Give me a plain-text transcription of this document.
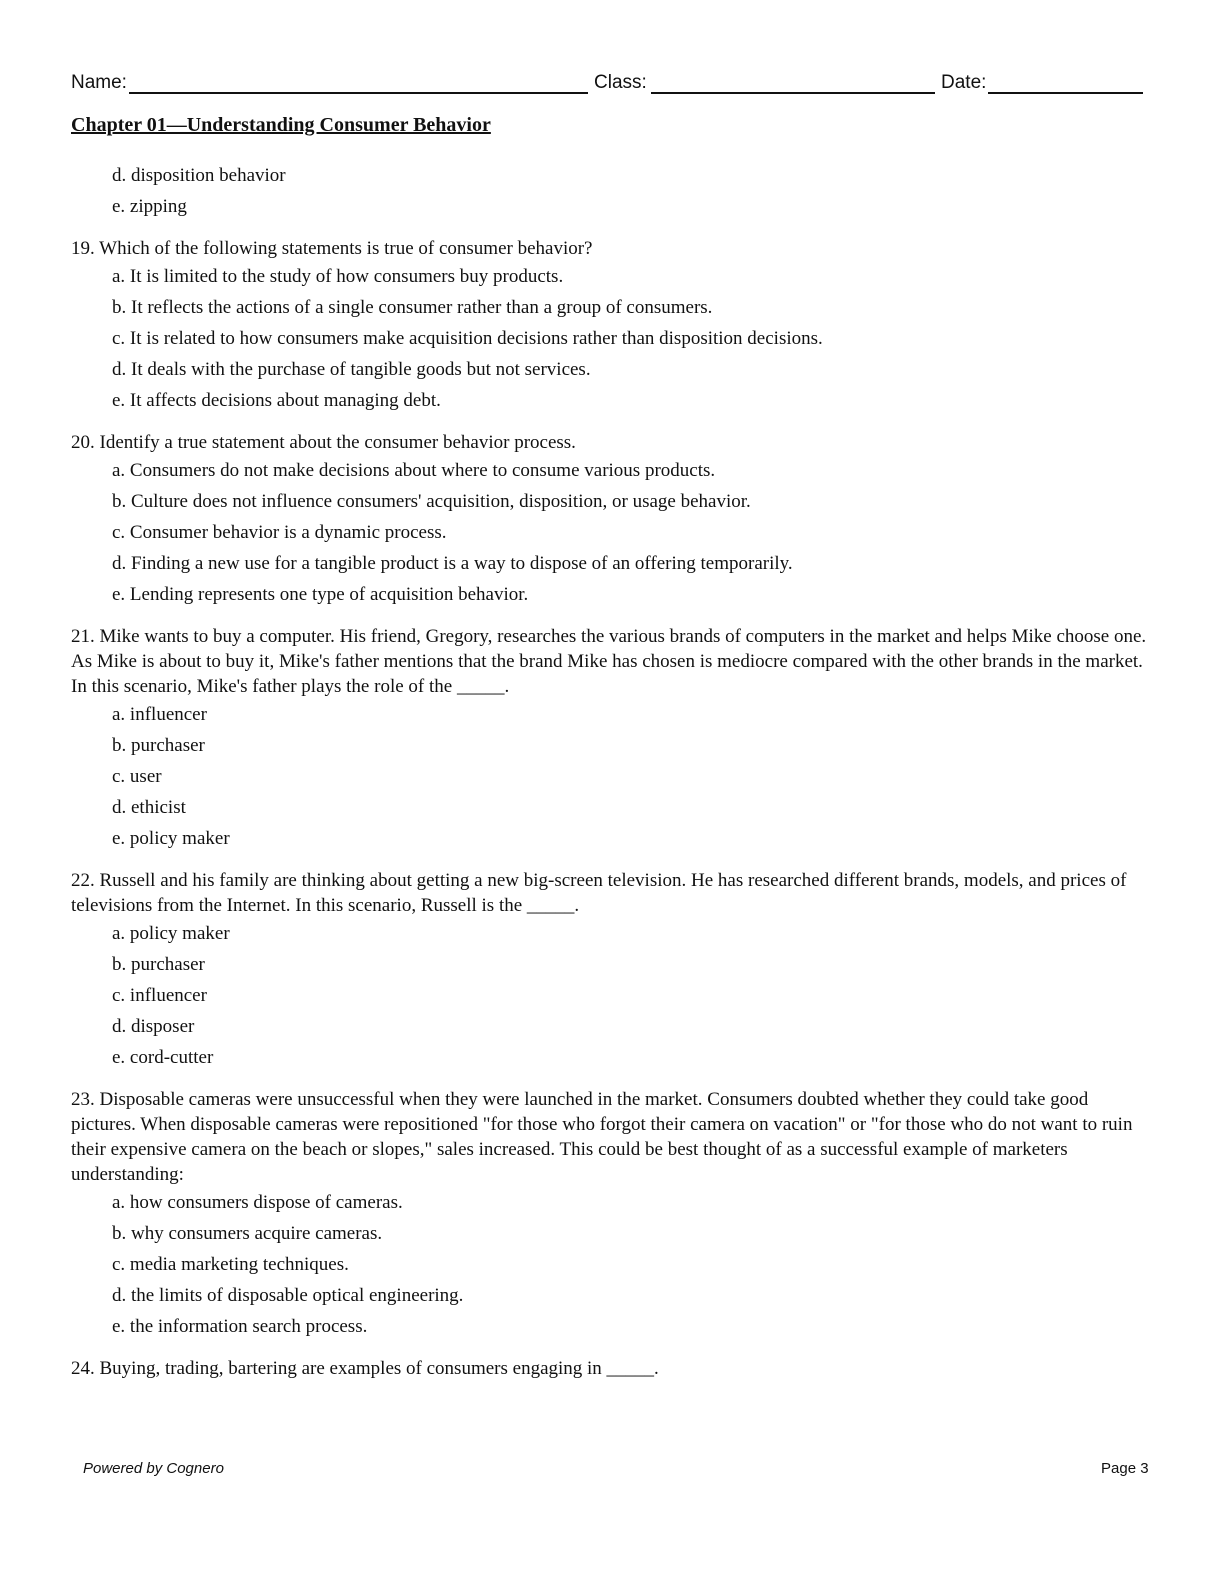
Name:	Class:	Date:
Chapter 01—Understanding Consumer Behavior
d. disposition behavior
e. zipping

19. Which of the following statements is true of consumer behavior?

a. It is limited to the study of how consumers buy products.
b. It reflects the actions of a single consumer rather than a group of consumers.
c. It is related to how consumers make acquisition decisions rather than disposition decisions.
d. It deals with the purchase of tangible goods but not services.
e. It affects decisions about managing debt.

20. Identify a true statement about the consumer behavior process.

a. Consumers do not make decisions about where to consume various products.
b. Culture does not influence consumers' acquisition, disposition, or usage behavior.
c. Consumer behavior is a dynamic process.
d. Finding a new use for a tangible product is a way to dispose of an offering temporarily.
e. Lending represents one type of acquisition behavior.

21. Mike wants to buy a computer. His friend, Gregory, researches the various brands of computers in the market and helps Mike choose one. As Mike is about to buy it, Mike's father mentions that the brand Mike has chosen is mediocre compared with the other brands in the market. In this scenario, Mike's father plays the role of the _____.

a. influencer
b. purchaser
c. user
d. ethicist
e. policy maker

22. Russell and his family are thinking about getting a new big-screen television. He has researched different brands, models, and prices of televisions from the Internet. In this scenario, Russell is the _____.

a. policy maker
b. purchaser
c. influencer
d. disposer
e. cord-cutter

23. Disposable cameras were unsuccessful when they were launched in the market. Consumers doubted whether they could take good pictures. When disposable cameras were repositioned "for those who forgot their camera on vacation" or "for those who do not want to ruin their expensive camera on the beach or slopes," sales increased. This could be best thought of as a successful example of marketers understanding:

a. how consumers dispose of cameras.
b. why consumers acquire cameras.
c. media marketing techniques.
d. the limits of disposable optical engineering.
e. the information search process.

24. Buying, trading, bartering are examples of consumers engaging in _____.

Powered by Cognero	Page 3
